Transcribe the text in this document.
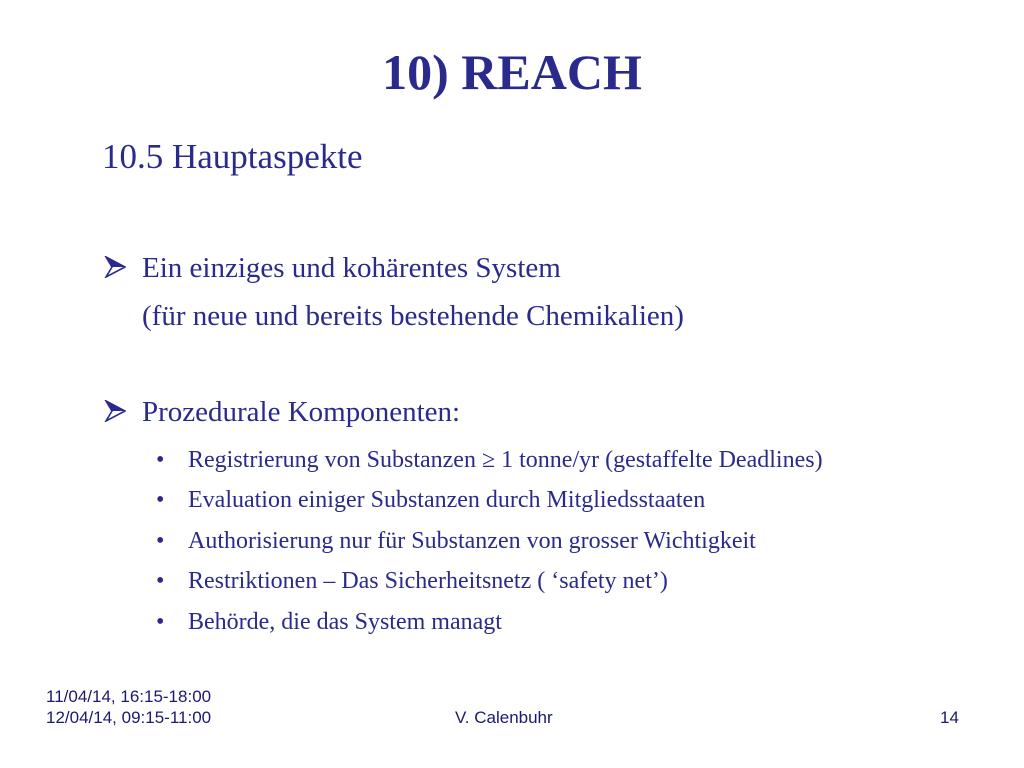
10) REACH
10.5 Hauptaspekte
Ein einziges und kohärentes System
(für neue und bereits bestehende Chemikalien)
Prozedurale Komponenten:
• Registrierung von Substanzen ≥ 1 tonne/yr (gestaffelte Deadlines)
• Evaluation einiger Substanzen durch Mitgliedsstaaten
• Authorisierung nur für Substanzen von grosser Wichtigkeit
• Restriktionen – Das Sicherheitsnetz ( ‘safety net’)
• Behörde, die das System managt
11/04/14, 16:15-18:00
12/04/14, 09:15-11:00	V. Calenbuhr	14
